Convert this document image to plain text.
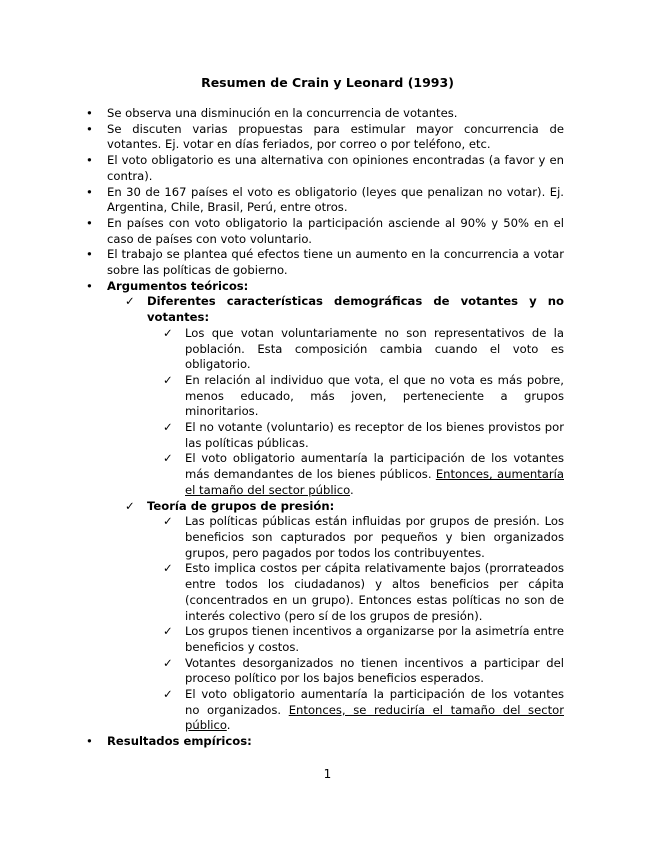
Resumen de Crain y Leonard (1993)
• Se observa una disminución en la concurrencia de votantes.
• Se discuten varias propuestas para estimular mayor concurrencia de votantes. Ej. votar en días feriados, por correo o por teléfono, etc.
• El voto obligatorio es una alternativa con opiniones encontradas (a favor y en contra).
• En 30 de 167 países el voto es obligatorio (leyes que penalizan no votar). Ej. Argentina, Chile, Brasil, Perú, entre otros.
• En países con voto obligatorio la participación asciende al 90% y 50% en el caso de países con voto voluntario.
• El trabajo se plantea qué efectos tiene un aumento en la concurrencia a votar sobre las políticas de gobierno.
• Argumentos teóricos:
✓ Diferentes características demográficas de votantes y no votantes:
✓ Los que votan voluntariamente no son representativos de la población. Esta composición cambia cuando el voto es obligatorio.
✓ En relación al individuo que vota, el que no vota es más pobre, menos educado, más joven, perteneciente a grupos minoritarios.
✓ El no votante (voluntario) es receptor de los bienes provistos por las políticas públicas.
✓ El voto obligatorio aumentaría la participación de los votantes más demandantes de los bienes públicos. Entonces, aumentaría el tamaño del sector público.
✓ Teoría de grupos de presión:
✓ Las políticas públicas están influidas por grupos de presión. Los beneficios son capturados por pequeños y bien organizados grupos, pero pagados por todos los contribuyentes.
✓ Esto implica costos per cápita relativamente bajos (prorrateados entre todos los ciudadanos) y altos beneficios per cápita (concentrados en un grupo). Entonces estas políticas no son de interés colectivo (pero sí de los grupos de presión).
✓ Los grupos tienen incentivos a organizarse por la asimetría entre beneficios y costos.
✓ Votantes desorganizados no tienen incentivos a participar del proceso político por los bajos beneficios esperados.
✓ El voto obligatorio aumentaría la participación de los votantes no organizados. Entonces, se reduciría el tamaño del sector público.
• Resultados empíricos:
1
